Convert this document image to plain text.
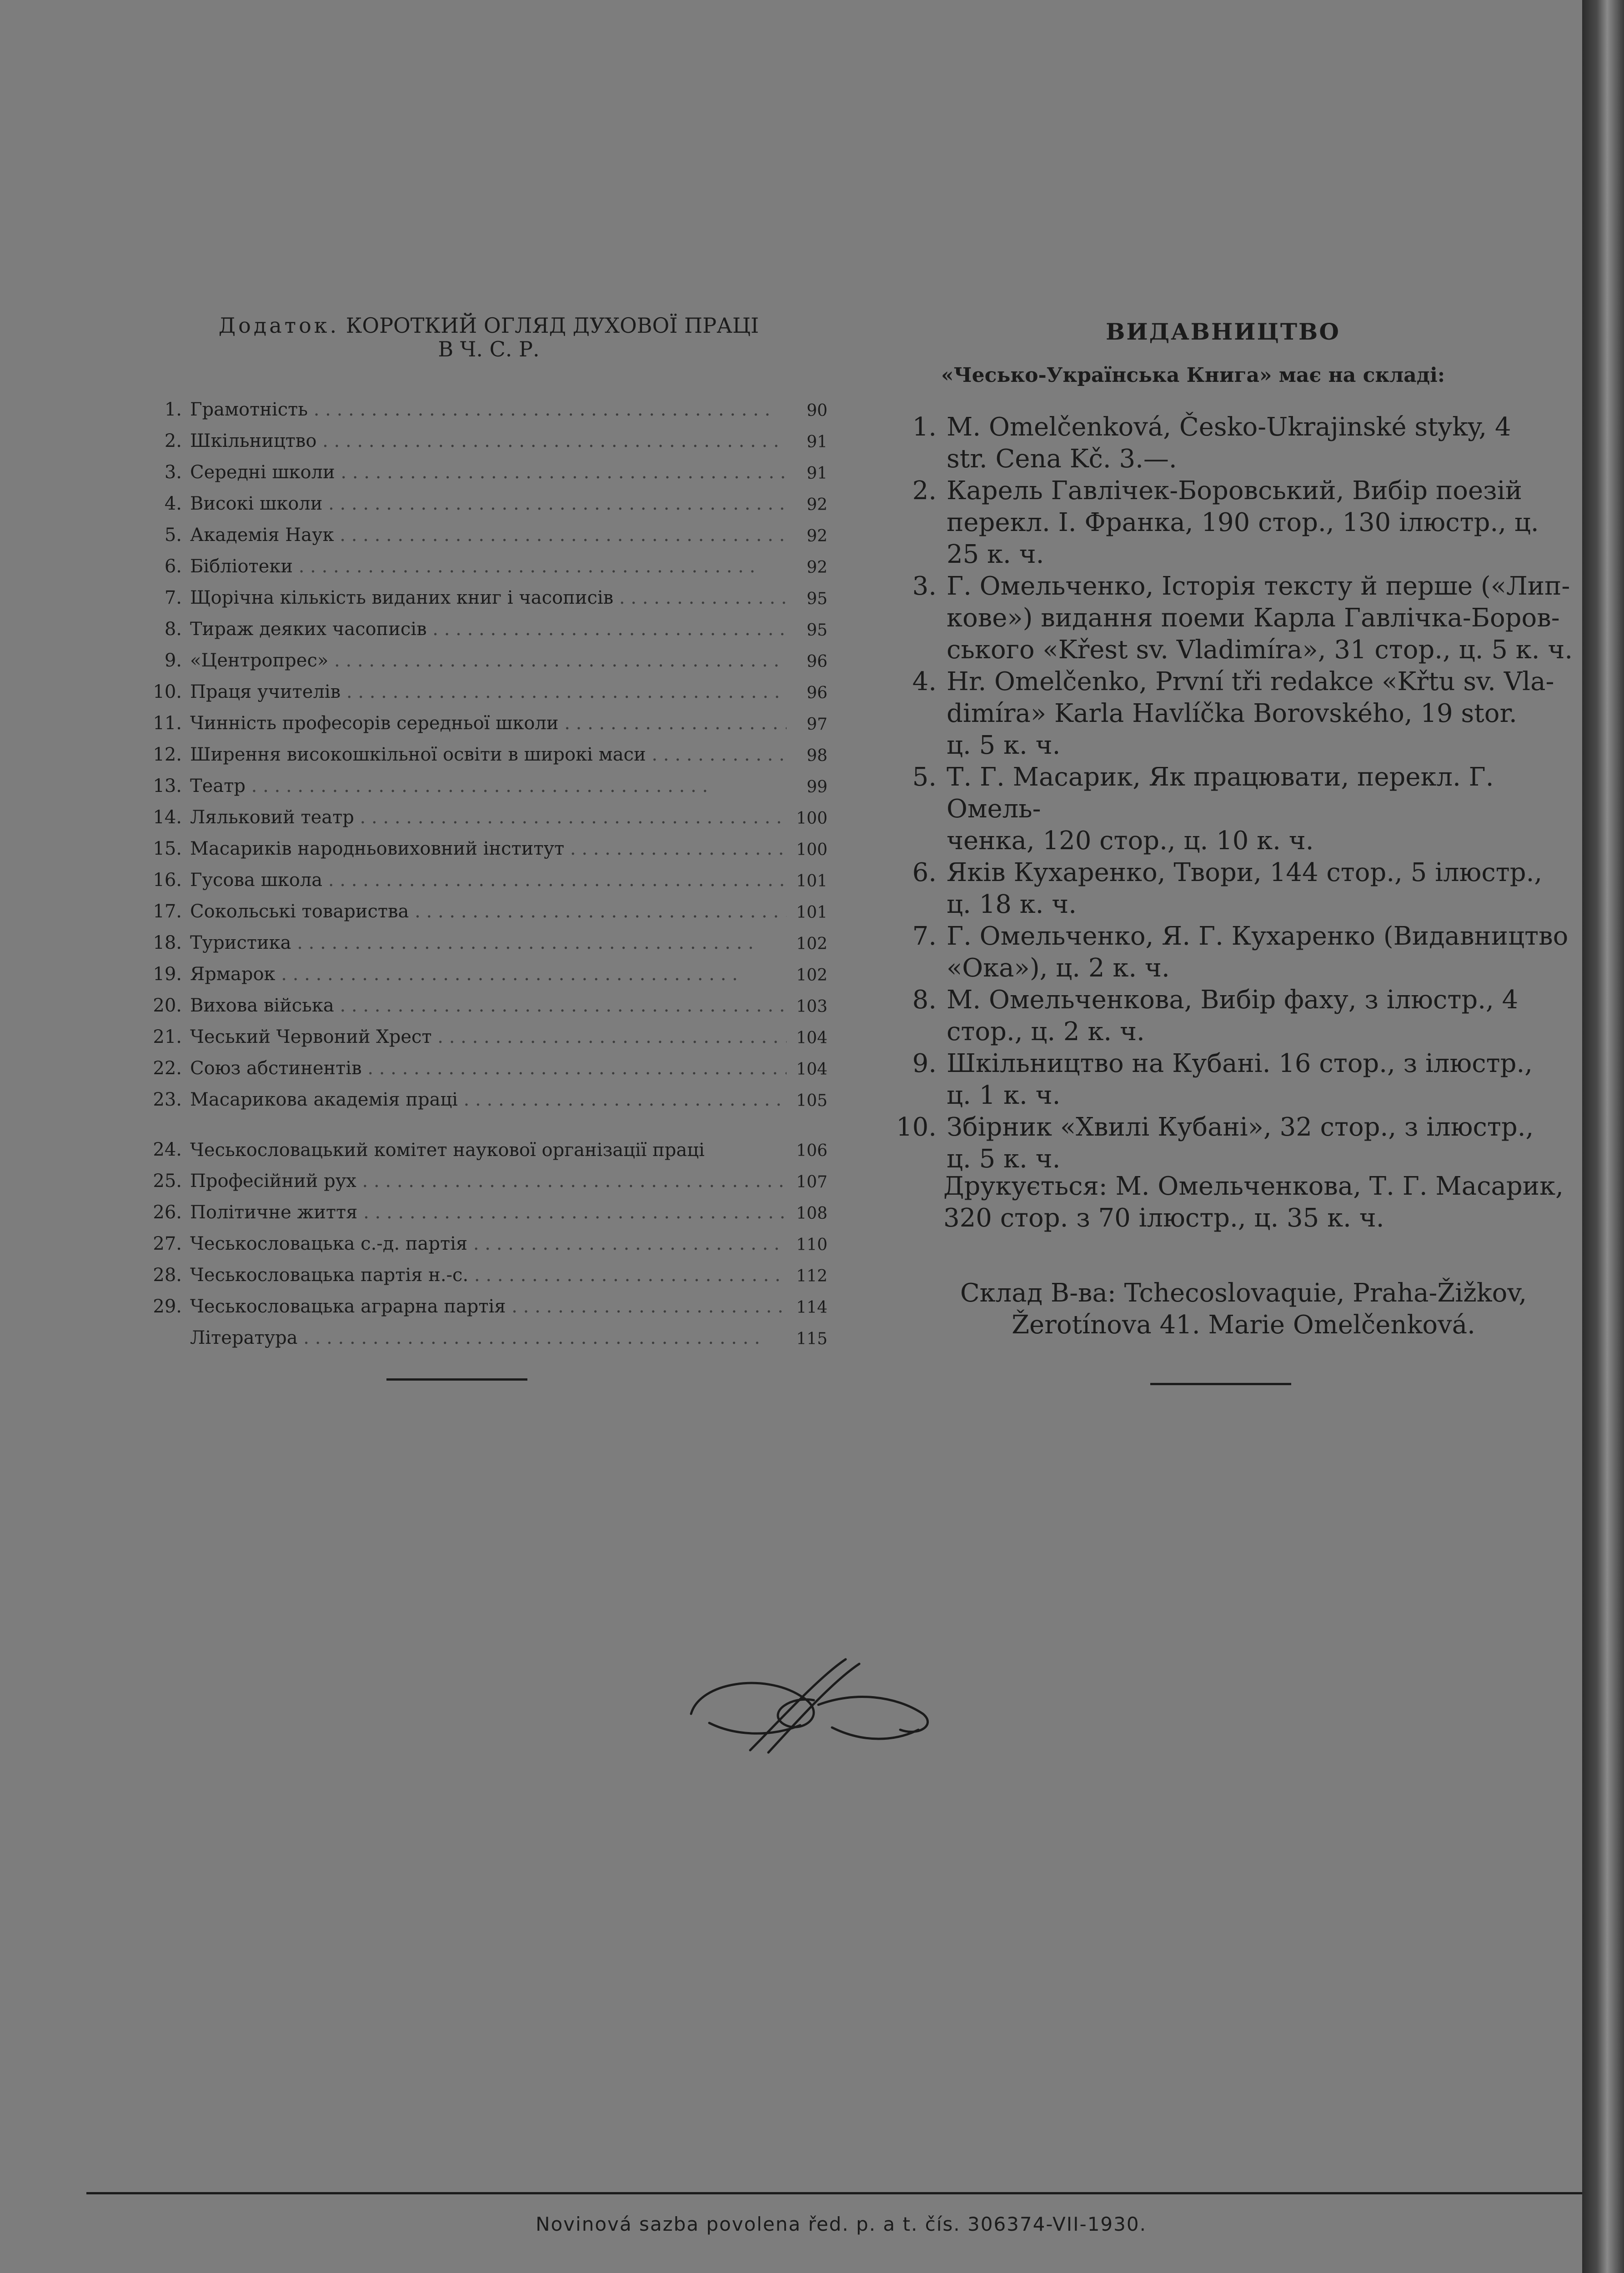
Додаток. КОРОТКИЙ ОГЛЯД ДУХОВОЇ ПРАЦІ
В Ч. С. Р.
1. Грамотність . . .	90
2. Шкільництво . . .	91
3. Середні школи . . .	91
4. Високі школи . . .	92
5. Академія Наук . . .	92
6. Бібліотеки . . .	92
7. Щорічна кількість виданих книг і часописів . . .	95
8. Тираж деяких часописів . . .	95
9. «Центропрес» . . .	96
10. Праця учителів . . .	96
11. Чинність професорів середньої школи . . .	97
12. Ширення високошкільної освіти в широкі маси . . .	98
13. Театр . . .	99
14. Ляльковий театр . . .	100
15. Масариків народньовиховний інститут . . .	100
16. Гусова школа . . .	101
17. Сокольські товариства . . .	101
18. Туристика . . .	102
19. Ярмарок . . .	102
20. Вихова війська . . .	103
21. Чеський Червоний Хрест . . .	104
22. Союз абстинентів . . .	104
23. Масарикова академія праці . . .	105
24. Чеськословацький комітет наукової організації праці	106
25. Професійний рух . . .	107
26. Політичне життя . . .	108
27. Чеськословацька с.-д. партія . . .	110
28. Чеськословацька партія н.-с. . . .	112
29. Чеськословацька аграрна партія . . .	114
Література . . .	115
ВИДАВНИЦТВО
«Чесько-Українська Книга» має на складі:
1. M. Omelčenková, Česko-Ukrajinské styky, 4
str. Cena Kč. 3.—.
2. Карель Гавлічек-Боровський, Вибір поезій
перекл. І. Франка, 190 стор., 130 ілюстр., ц.
25 к. ч.
3. Г. Омельченко, Історія тексту й перше («Лип-
кове») видання поеми Карла Гавлічка-Боров-
ського «Křest sv. Vladimíra», 31 стор., ц. 5 к. ч.
4. Hr. Omelčenko, První tři redakce «Křtu sv. Vla-
dimíra» Karla Havlíčka Borovského, 19 stor.
ц. 5 к. ч.
5. Т. Г. Масарик, Як працювати, перекл. Г. Омель-
ченка, 120 стор., ц. 10 к. ч.
6. Яків Кухаренко, Твори, 144 стор., 5 ілюстр.,
ц. 18 к. ч.
7. Г. Омельченко, Я. Г. Кухаренко (Видавництво
«Ока»), ц. 2 к. ч.
8. М. Омельченкова, Вибір фаху, з ілюстр., 4
стор., ц. 2 к. ч.
9. Шкільництво на Кубані. 16 стор., з ілюстр.,
ц. 1 к. ч.
10. Збірник «Хвилі Кубані», 32 стор., з ілюстр.,
ц. 5 к. ч.
Друкується: М. Омельченкова, Т. Г. Масарик,
320 стор. з 70 ілюстр., ц. 35 к. ч.
Склад В-ва: Tchecoslovaquie, Praha-Žižkov, Žerotínova 41. Marie Omelčenková.
Novinová sazba povolena řed. p. a t. čís. 306374-VII-1930.
